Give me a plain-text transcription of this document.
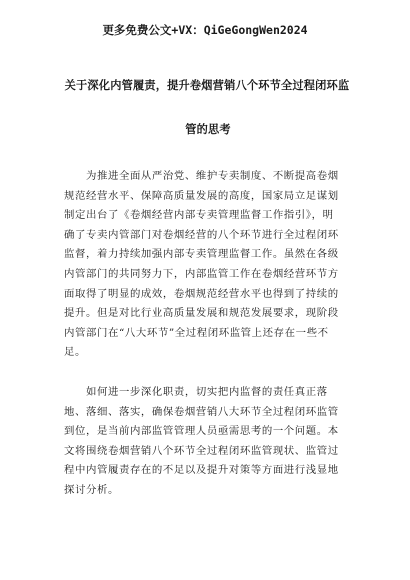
更多免费公文+VX：QiGeGongWen2024
关于深化内管履责，提升卷烟营销八个环节全过程闭环监
管的思考
　　为推进全面从严治党、维护专卖制度、不断提高卷烟
规范经营水平、保障高质量发展的高度，国家局立足谋划
制定出台了《卷烟经营内部专卖管理监督工作指引》，明
确了专卖内管部门对卷烟经营的八个环节进行全过程闭环
监督，着力持续加强内部专卖管理监督工作。虽然在各级
内管部门的共同努力下，内部监管工作在卷烟经营环节方
面取得了明显的成效，卷烟规范经营水平也得到了持续的
提升。但是对比行业高质量发展和规范发展要求，现阶段
内管部门在“八大环节”全过程闭环监管上还存在一些不
足。
　　如何进一步深化职责，切实把内监督的责任真正落
地、落细、落实，确保卷烟营销八大环节全过程闭环监管
到位，是当前内部监管管理人员亟需思考的一个问题。本
文将围绕卷烟营销八个环节全过程闭环监管现状、监管过
程中内管履责存在的不足以及提升对策等方面进行浅显地
探讨分析。
